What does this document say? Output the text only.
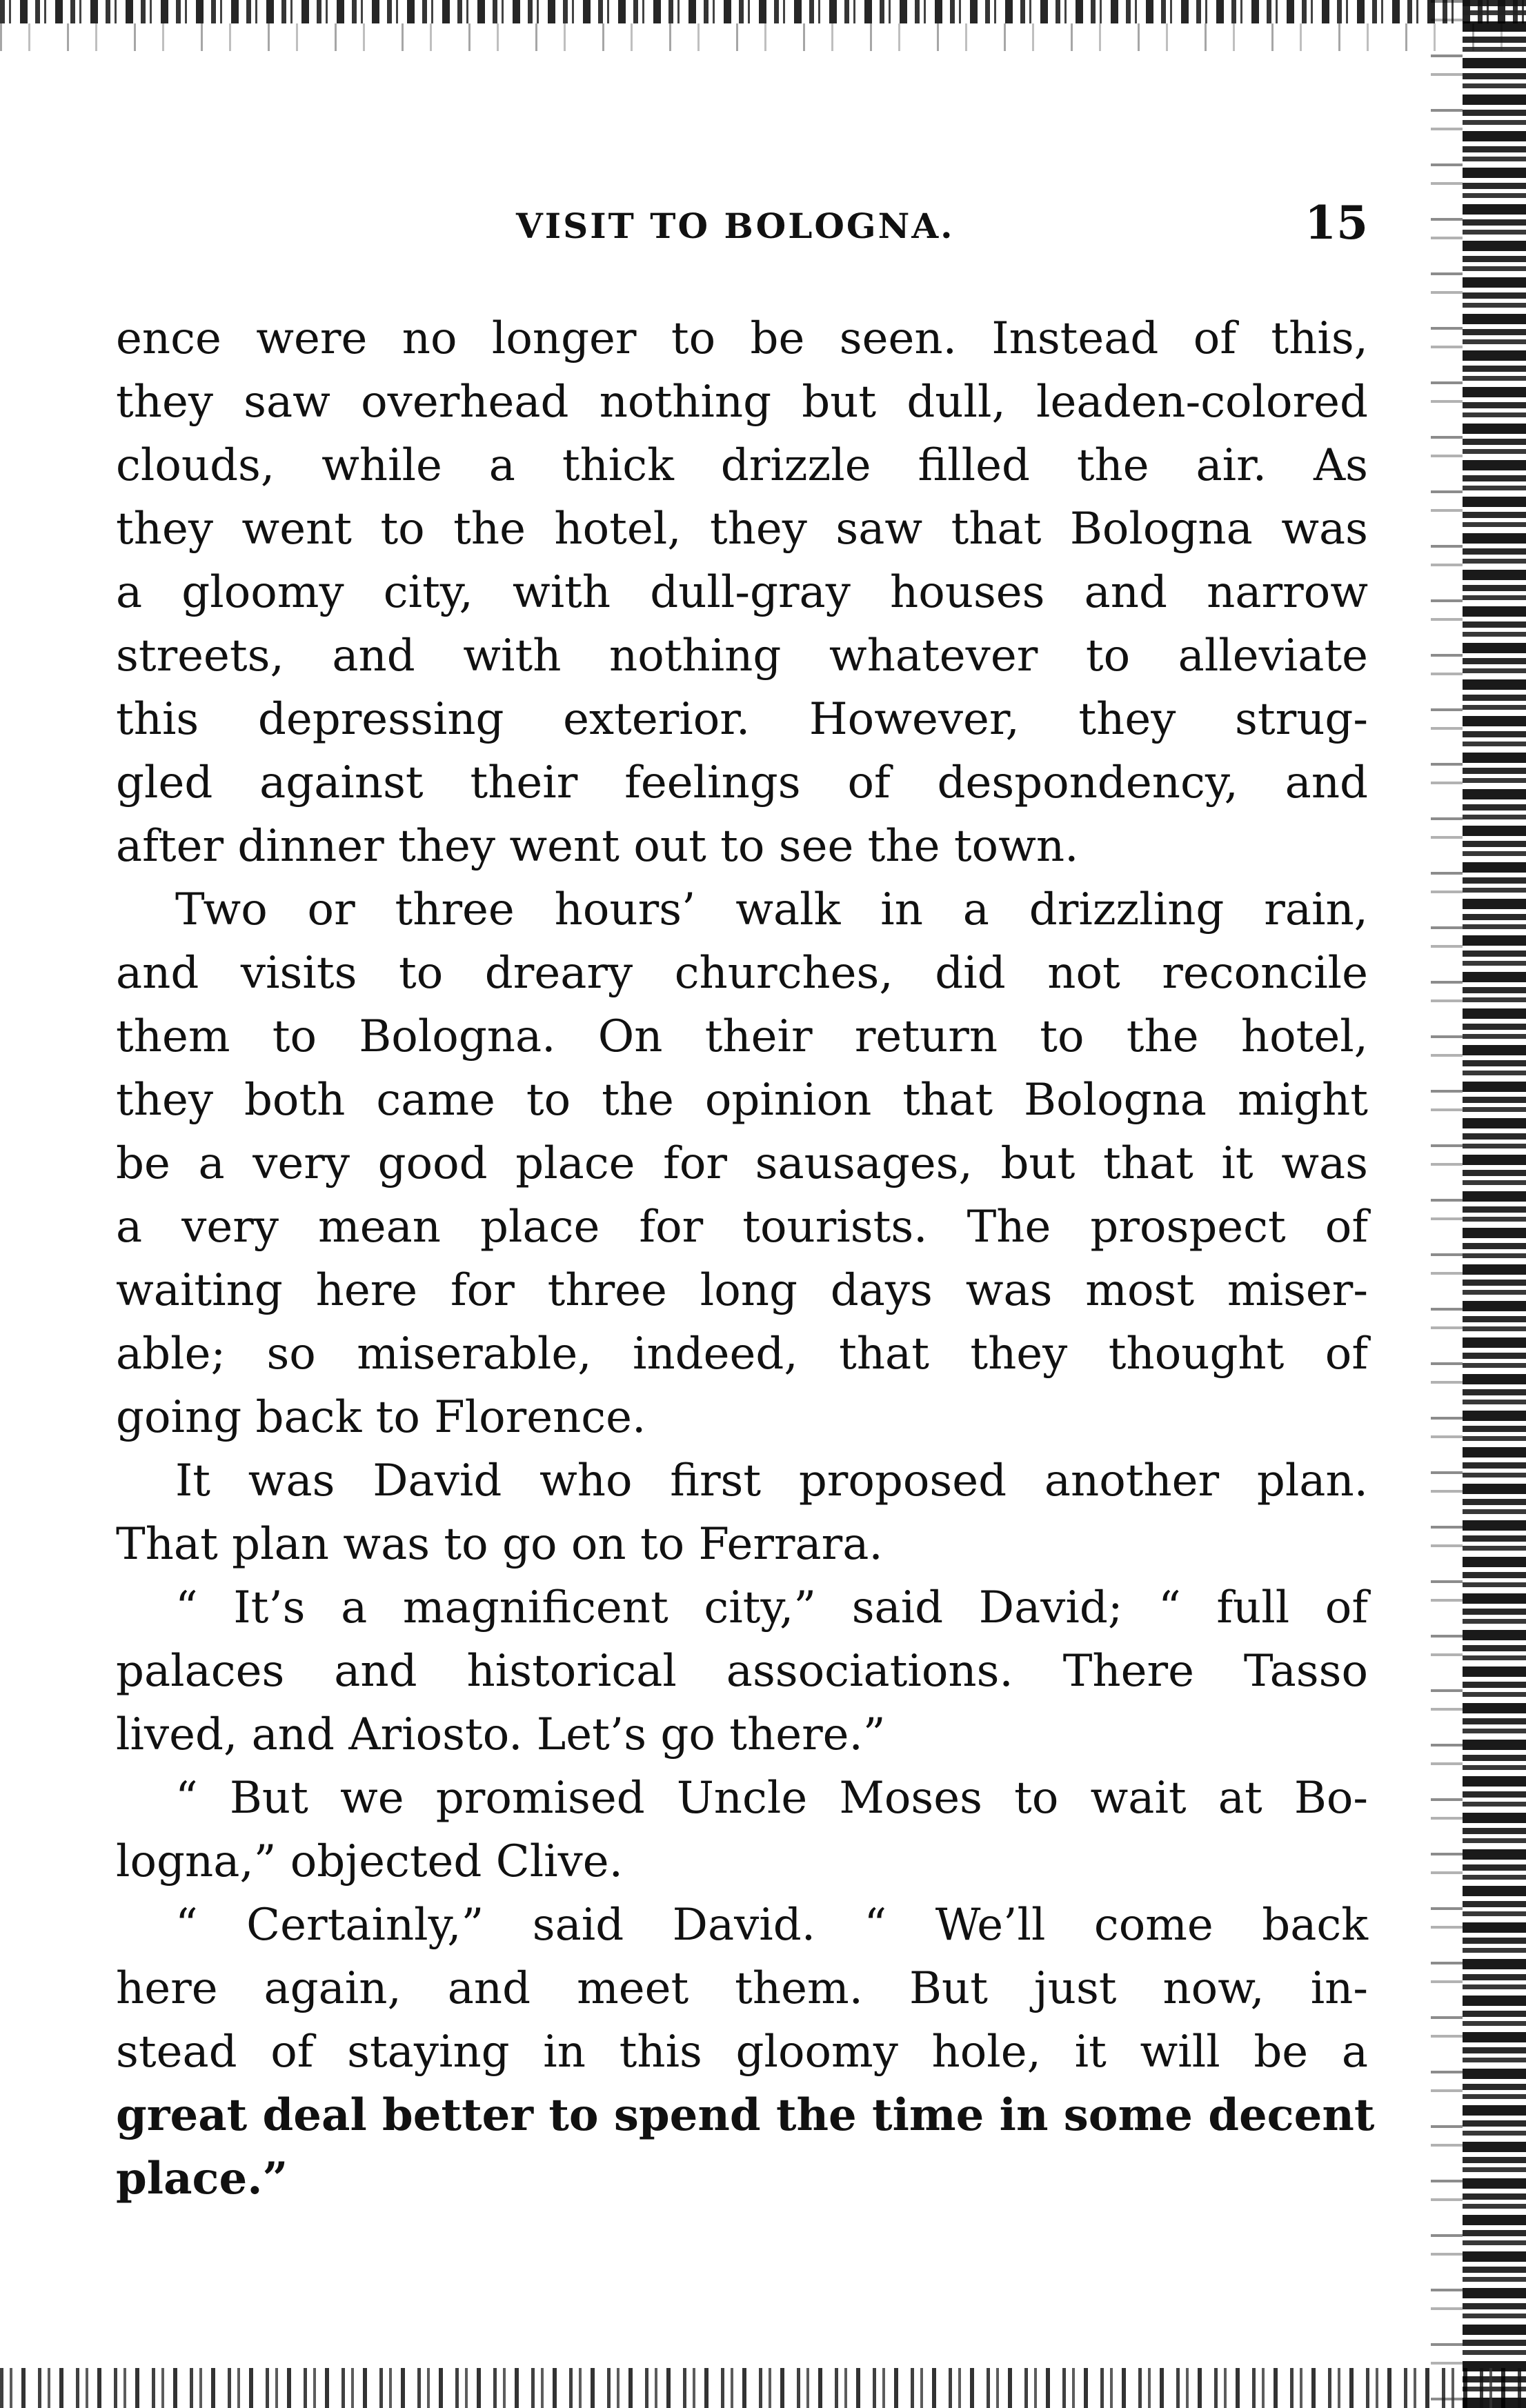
VISIT TO BOLOGNA.	15
ence were no longer to be seen. Instead of this,
they saw overhead nothing but dull, leaden-colored
clouds, while a thick drizzle filled the air. As
they went to the hotel, they saw that Bologna was
a gloomy city, with dull-gray houses and narrow
streets, and with nothing whatever to alleviate
this depressing exterior. However, they strug-
gled against their feelings of despondency, and
after dinner they went out to see the town.
Two or three hours’ walk in a drizzling rain,
and visits to dreary churches, did not reconcile
them to Bologna. On their return to the hotel,
they both came to the opinion that Bologna might
be a very good place for sausages, but that it was
a very mean place for tourists. The prospect of
waiting here for three long days was most miser-
able; so miserable, indeed, that they thought of
going back to Florence.
It was David who first proposed another plan.
That plan was to go on to Ferrara.
“ It’s a magnificent city,” said David; “ full of
palaces and historical associations. There Tasso
lived, and Ariosto. Let’s go there.”
“ But we promised Uncle Moses to wait at Bo-
logna,” objected Clive.
“ Certainly,” said David. “ We’ll come back
here again, and meet them. But just now, in-
stead of staying in this gloomy hole, it will be a
great deal better to spend the time in some decent
place.”
